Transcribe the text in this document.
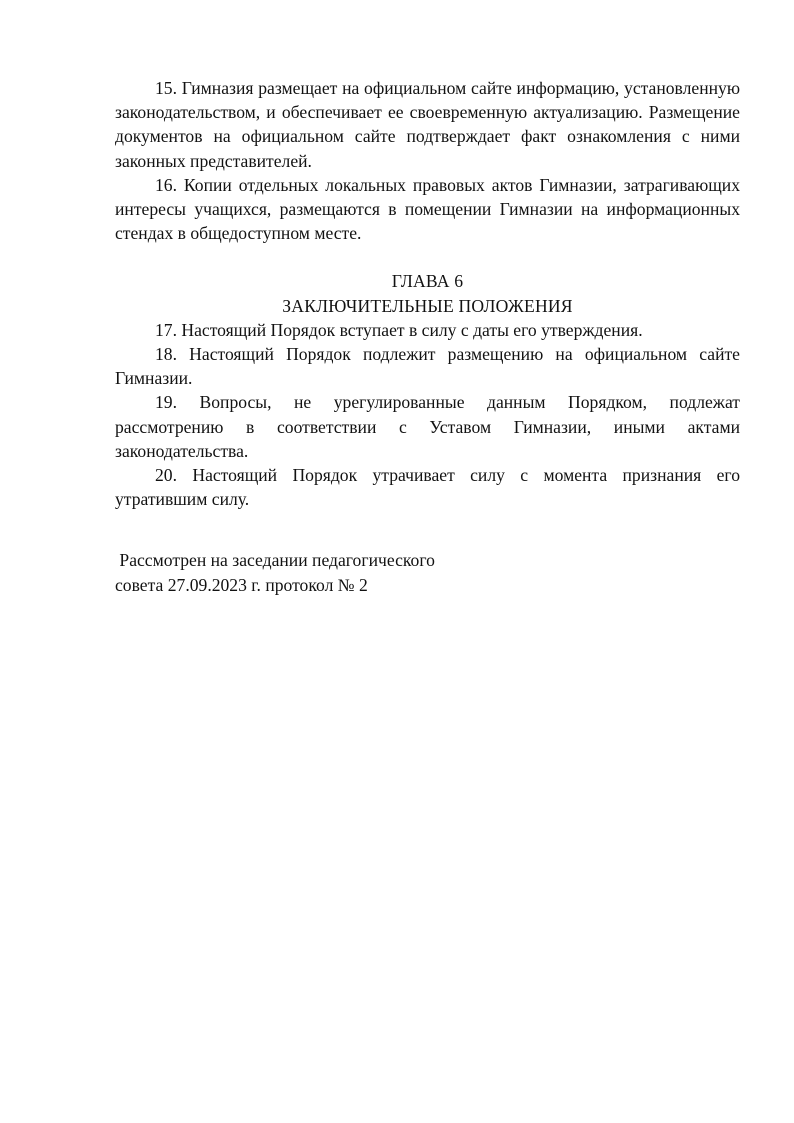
15. Гимназия размещает на официальном сайте информацию, установленную законодательством, и обеспечивает ее своевременную актуализацию. Размещение документов на официальном сайте подтверждает факт ознакомления с ними законных представителей.

16. Копии отдельных локальных правовых актов Гимназии, затрагивающих интересы учащихся, размещаются в помещении Гимназии на информационных стендах в общедоступном месте.

ГЛАВА 6
ЗАКЛЮЧИТЕЛЬНЫЕ ПОЛОЖЕНИЯ

17. Настоящий Порядок вступает в силу с даты его утверждения.

18. Настоящий Порядок подлежит размещению на официальном сайте Гимназии.

19. Вопросы, не урегулированные данным Порядком, подлежат рассмотрению в соответствии с Уставом Гимназии, иными актами законодательства.

20. Настоящий Порядок утрачивает силу с момента признания его утратившим силу.

Рассмотрен на заседании педагогического

совета 27.09.2023 г. протокол № 2
